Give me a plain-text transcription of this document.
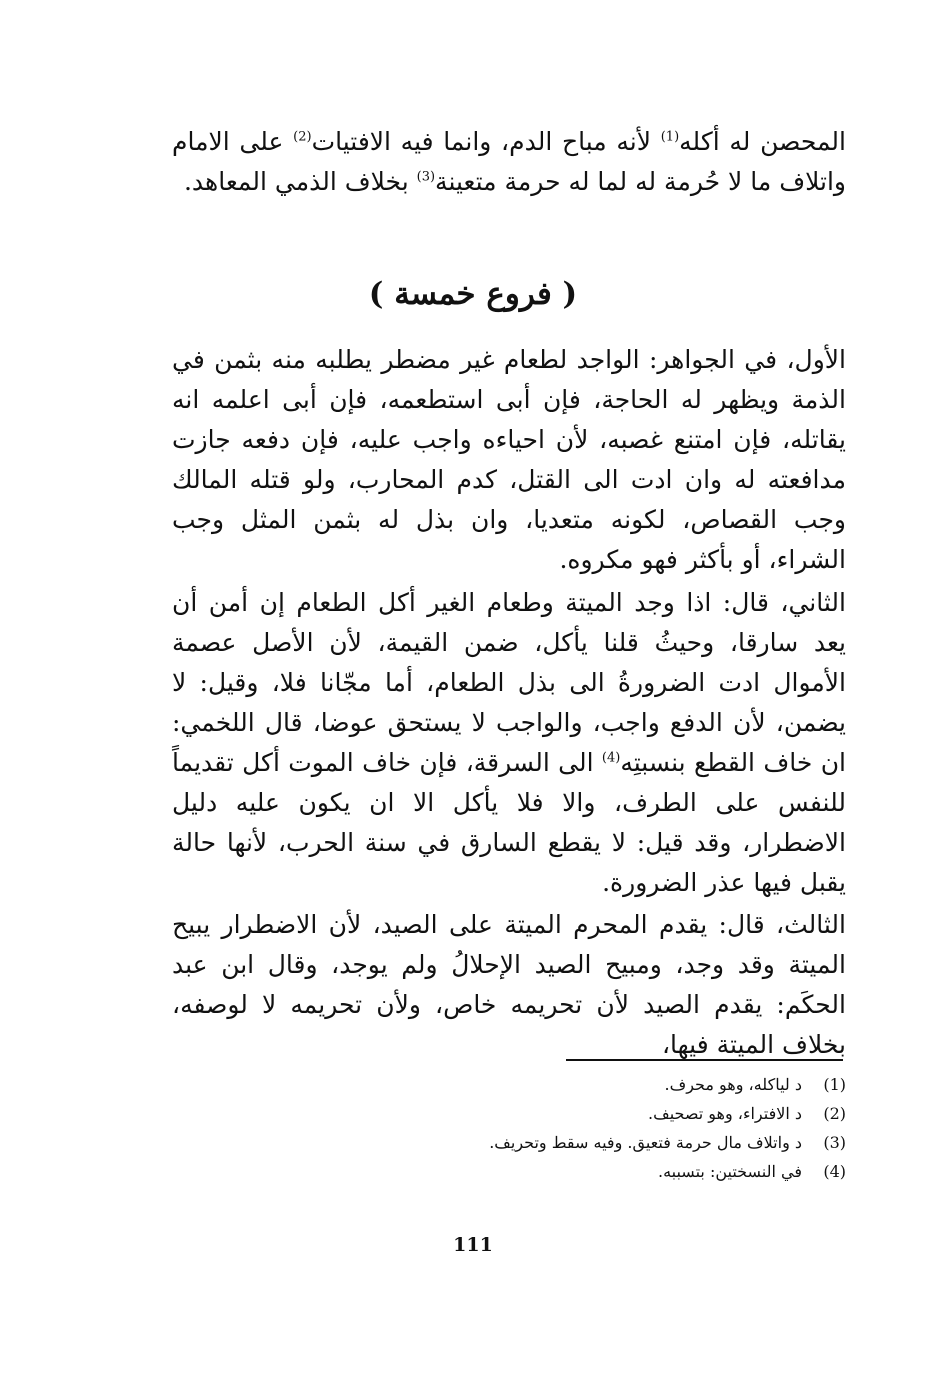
المحصن له أكله$^{(1)}$ لأنه مباح الدم، وانما فيه الافتيات$^{(2)}$ على الامام واتلاف ما لا حُرمة له لما له حرمة متعينة$^{(3)}$ بخلاف الذمي المعاهد.

( فروع خمسة )

الأول، في الجواهر: الواجد لطعام غير مضطر يطلبه منه بثمن في الذمة ويظهر له الحاجة، فإن أبى استطعمه، فإن أبى اعلمه انه يقاتله، فإن امتنع غصبه، لأن احياءه واجب عليه، فإن دفعه جازت مدافعته له وان ادت الى القتل، كدم المحارب، ولو قتله المالك وجب القصاص، لكونه متعديا، وان بذل له بثمن المثل وجب الشراء، أو بأكثر فهو مكروه.

الثاني، قال: اذا وجد الميتة وطعام الغير أكل الطعام إن أمن أن يعد سارقا، وحيثُ قلنا يأكل، ضمن القيمة، لأن الأصل عصمة الأموال ادت الضرورةُ الى بذل الطعام، أما مجّانا فلا، وقيل: لا يضمن، لأن الدفع واجب، والواجب لا يستحق عوضا، قال اللخمي: ان خاف القطع بنسبتِه$^{(4)}$ الى السرقة، فإن خاف الموت أكل تقديماً للنفس على الطرف، والا فلا يأكل الا ان يكون عليه دليل الاضطرار، وقد قيل: لا يقطع السارق في سنة الحرب، لأنها حالة يقبل فيها عذر الضرورة.

الثالث، قال: يقدم المحرم الميتة على الصيد، لأن الاضطرار يبيح الميتة وقد وجد، ومبيح الصيد الإحلالُ ولم يوجد، وقال ابن عبد الحكَم: يقدم الصيد لأن تحريمه خاص، ولأن تحريمه لا لوصفه، بخلاف الميتة فيها،

(1)
د لياكله، وهو محرف.
(2)
د الافتراء، وهو تصحيف.
(3)
د واتلاف مال حرمة فتعيق. وفيه سقط وتحريف.
(4)
في النسختين: بتسببه.
111
